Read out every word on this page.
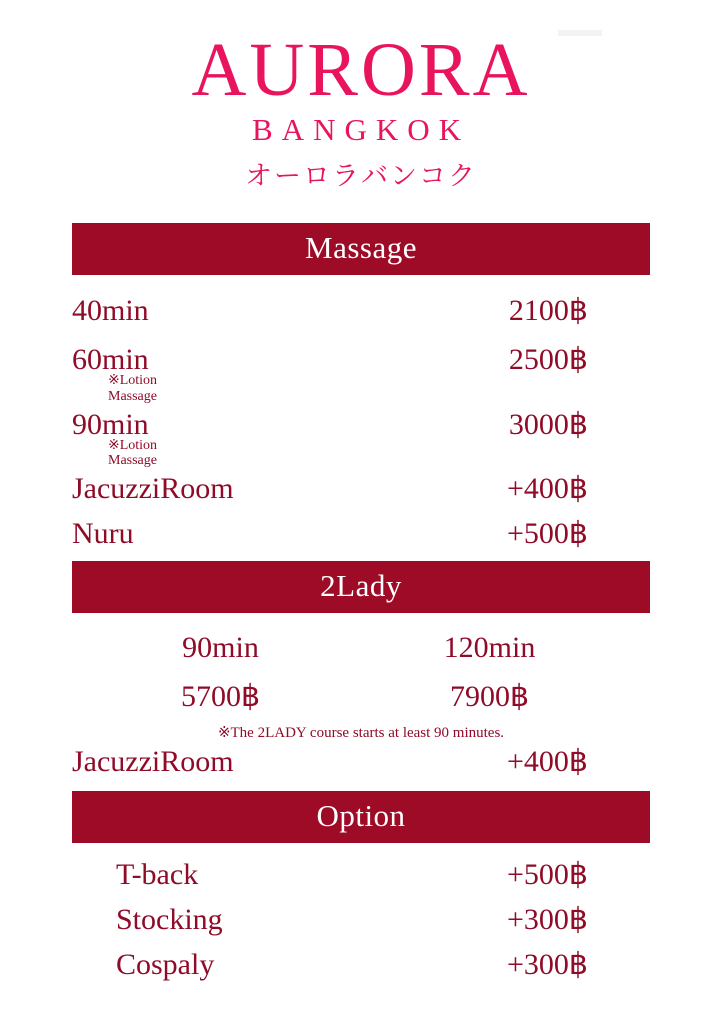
AURORA
BANGKOK
オーロラバンコク
Massage
40min	2100฿
60min	2500฿
※Lotion
Massage
90min	3000฿
※Lotion
Massage
JacuzziRoom	+400฿
Nuru	+500฿
2Lady
90min	120min
5700฿	7900฿
※The 2LADY course starts at least 90 minutes.
JacuzziRoom	+400฿
Option
T-back	+500฿
Stocking	+300฿
Cospaly	+300฿
